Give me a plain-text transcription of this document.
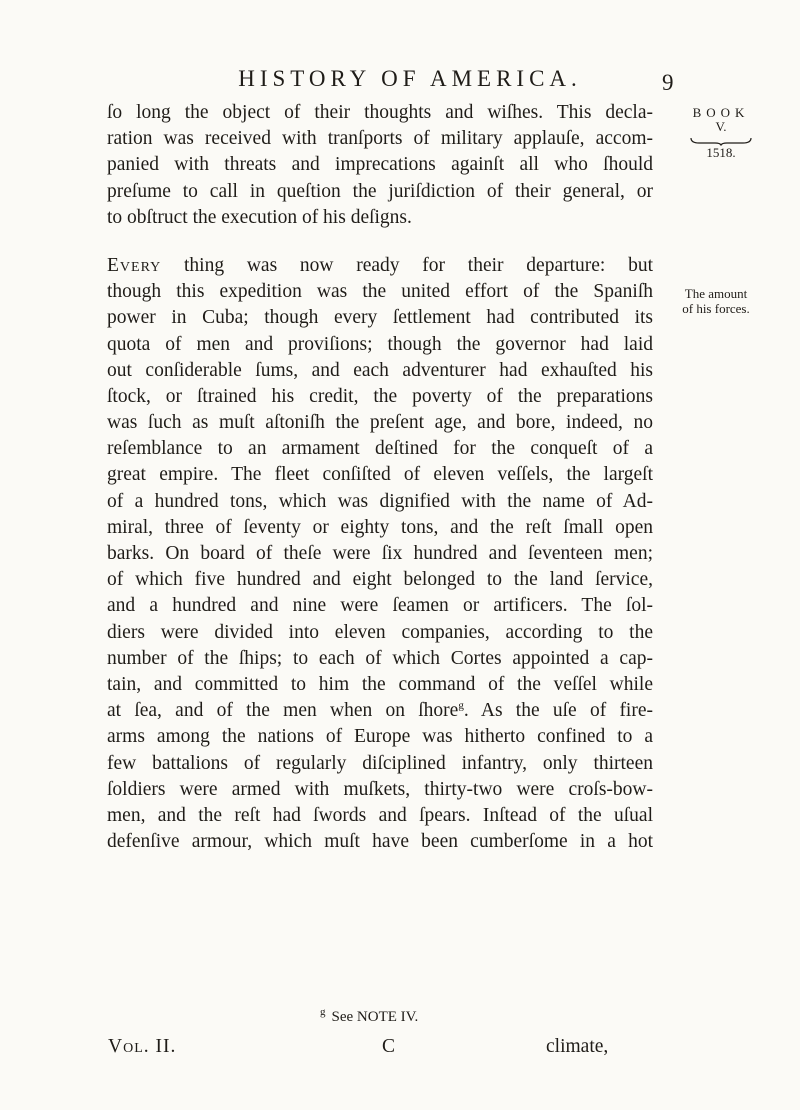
HISTORY OF AMERICA.	9
BOOK
V.
1518.
The amount
of his forces.
ſo long the object of their thoughts and wiſhes. This decla-
ration was received with tranſports of military applauſe, accom-
panied with threats and imprecations againſt all who ſhould
preſume to call in queſtion the juriſdiction of their general, or
to obſtruct the execution of his deſigns.
Every thing was now ready for their departure: but
though this expedition was the united effort of the Spaniſh
power in Cuba; though every ſettlement had contributed its
quota of men and proviſions; though the governor had laid
out conſiderable ſums, and each adventurer had exhauſted his
ſtock, or ſtrained his credit, the poverty of the preparations
was ſuch as muſt aſtoniſh the preſent age, and bore, indeed, no
reſemblance to an armament deſtined for the conqueſt of a
great empire. The fleet conſiſted of eleven veſſels, the largeſt
of a hundred tons, which was dignified with the name of Ad-
miral, three of ſeventy or eighty tons, and the reſt ſmall open
barks. On board of theſe were ſix hundred and ſeventeen men;
of which five hundred and eight belonged to the land ſervice,
and a hundred and nine were ſeamen or artificers. The ſol-
diers were divided into eleven companies, according to the
number of the ſhips; to each of which Cortes appointed a cap-
tain, and committed to him the command of the veſſel while
at ſea, and of the men when on ſhore$^g$. As the uſe of fire-
arms among the nations of Europe was hitherto confined to a
few battalions of regularly diſciplined infantry, only thirteen
ſoldiers were armed with muſkets, thirty-two were croſs-bow-
men, and the reſt had ſwords and ſpears. Inſtead of the uſual
defenſive armour, which muſt have been cumberſome in a hot
$^g$ See NOTE IV.
Vol. II.	C	climate,
